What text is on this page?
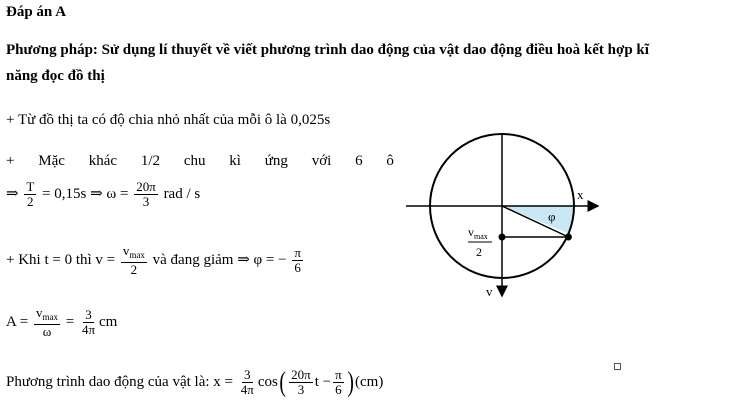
Đáp án A
Phương pháp: Sử dụng lí thuyết về viết phương trình dao động của vật dao động điều hoà kết hợp kĩ
năng đọc đồ thị
+ Từ đồ thị ta có độ chia nhỏ nhất của mỗi ô là 0,025s
+ Mặc khác 1/2 chu kì ứng với 6 ô
⇒ $\frac{T}{2} = 0,15s$ ⇒ $\omega = \frac{20\pi}{3}$ rad / s
+ Khi t = 0 thì $v = \frac{v_{max}}{2}$ và đang giảm ⇒ φ = − $\frac{\pi}{6}$
$A = \frac{v_{max}}{\omega} = \frac{3}{4\pi}$ cm
Phương trình dao động của vật là: $x = \frac{3}{4\pi} \cos( \frac{20\pi}{3}$ $t - \frac{\pi}{6} )(cm)$
x
v
φ
$v_{max}$
2
